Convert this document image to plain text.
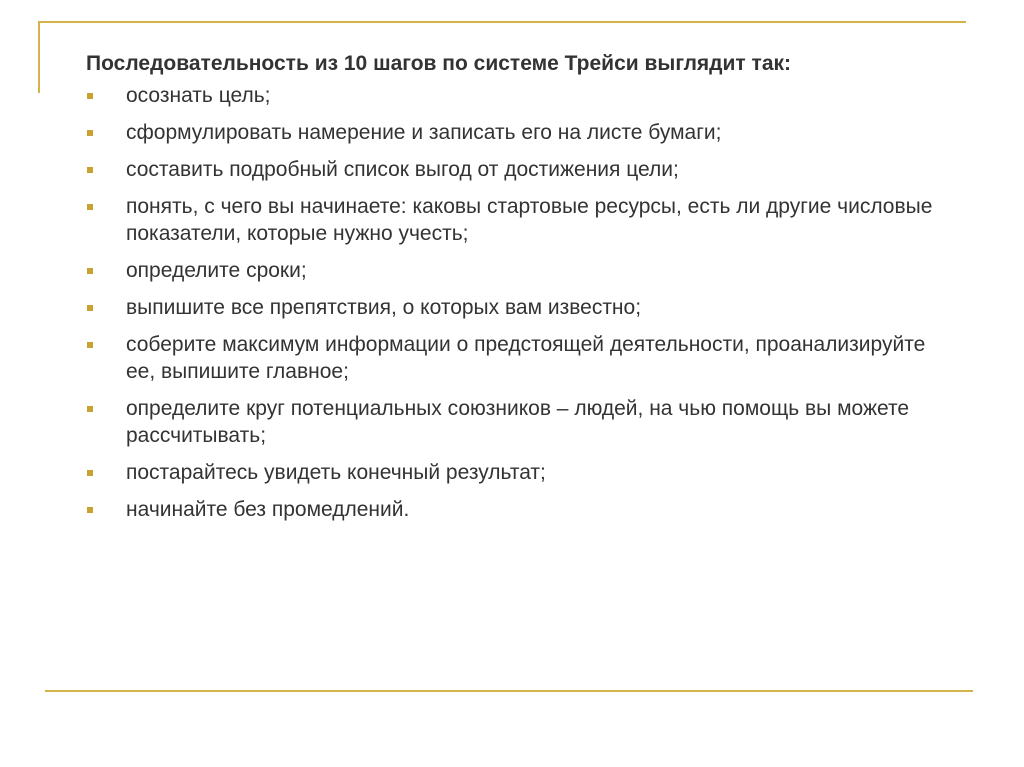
Последовательность из 10 шагов по системе Трейси выглядит так:
осознать цель;
сформулировать намерение и записать его на листе бумаги;
составить подробный список выгод от достижения цели;
понять, с чего вы начинаете: каковы стартовые ресурсы, есть ли другие числовые показатели, которые нужно учесть;
определите сроки;
выпишите все препятствия, о которых вам известно;
соберите максимум информации о предстоящей деятельности, проанализируйте ее, выпишите главное;
определите круг потенциальных союзников – людей, на чью помощь вы можете рассчитывать;
постарайтесь увидеть конечный результат;
начинайте без промедлений.
